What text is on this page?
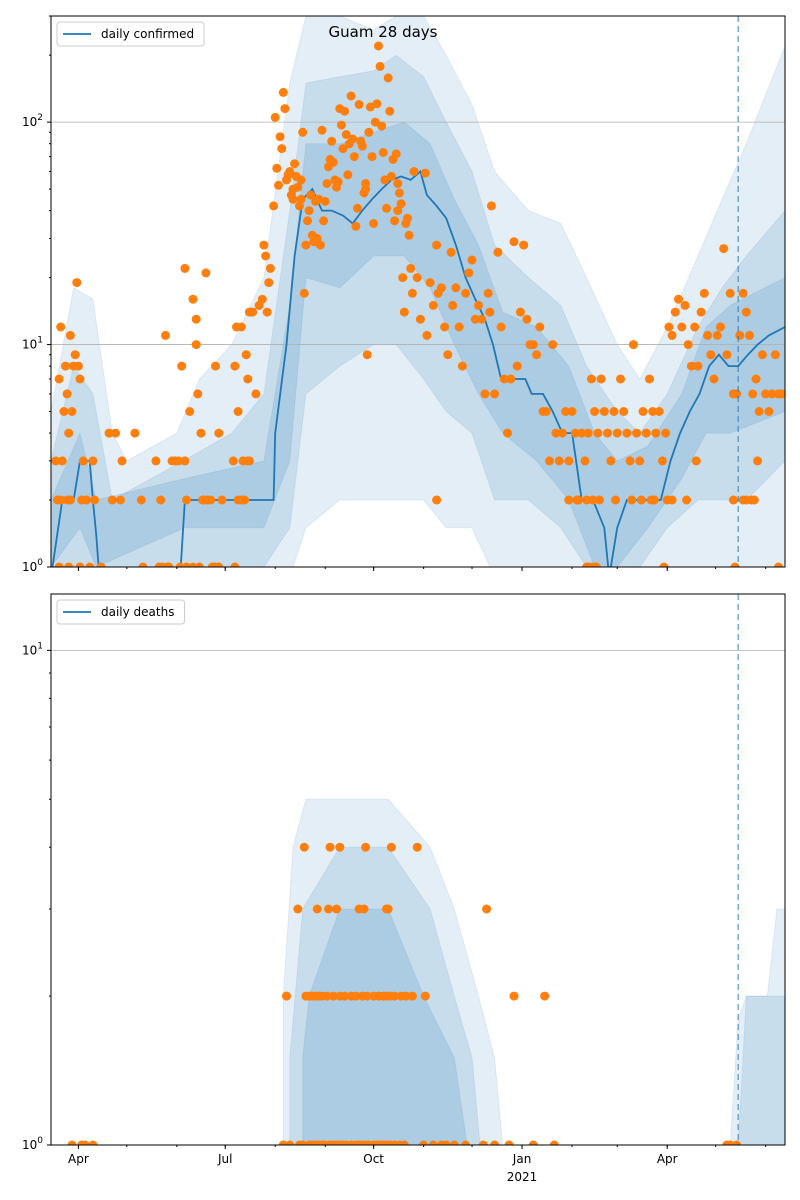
$10^0$
$10^1$
$10^2$
daily confirmed
$10^0$
$10^1$
Apr	Jul	Oct	Jan
2021
Apr
daily deaths
Guam 28 days
